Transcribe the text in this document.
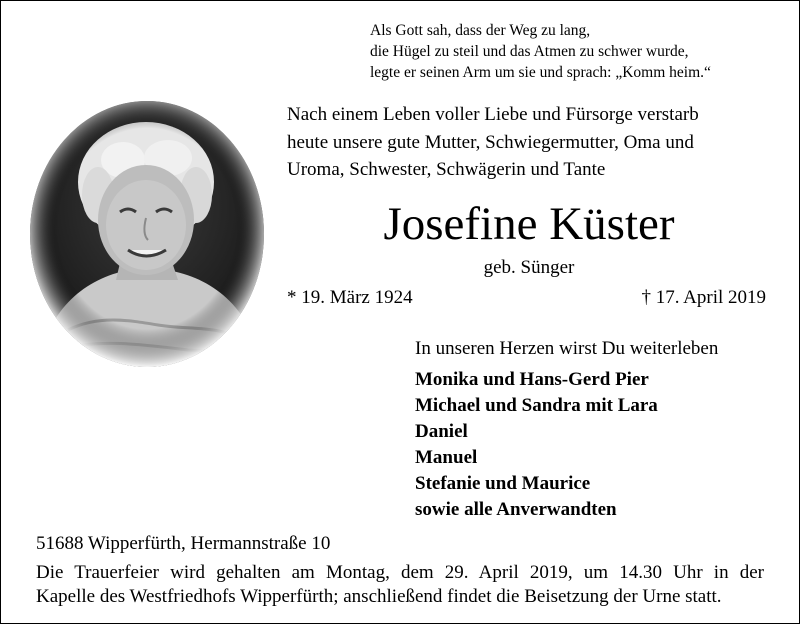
Als Gott sah, dass der Weg zu lang,
die Hügel zu steil und das Atmen zu schwer wurde,
legte er seinen Arm um sie und sprach: „Komm heim.“
Nach einem Leben voller Liebe und Fürsorge verstarb
heute unsere gute Mutter, Schwiegermutter, Oma und
Uroma, Schwester, Schwägerin und Tante
Josefine Küster
geb. Sünger
* 19. März 1924	† 17. April 2019
In unseren Herzen wirst Du weiterleben
Monika und Hans-Gerd Pier
Michael und Sandra mit Lara
Daniel
Manuel
Stefanie und Maurice
sowie alle Anverwandten
51688 Wipperfürth, Hermannstraße 10
Die Trauerfeier wird gehalten am Montag, dem 29. April 2019, um 14.30 Uhr in der
Kapelle des Westfriedhofs Wipperfürth; anschließend findet die Beisetzung der Urne statt.
